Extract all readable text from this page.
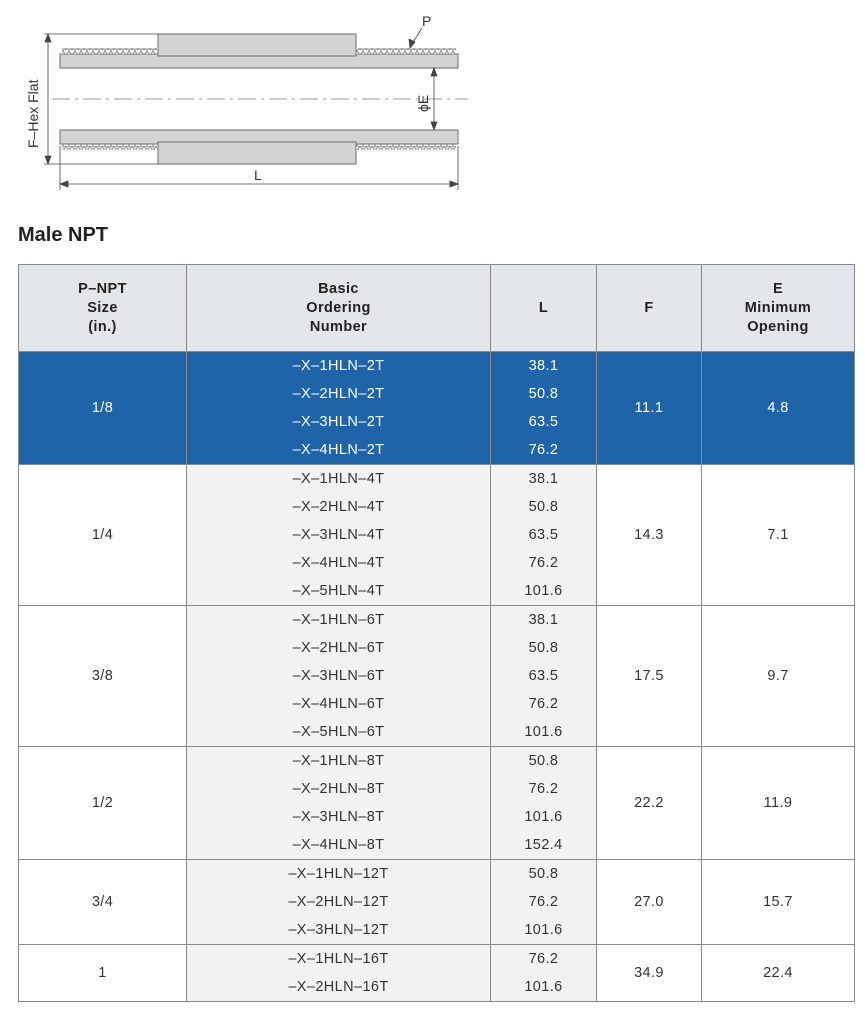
F–Hex Flat	ϕE
P
L
Male NPT
P–NPT
Size
(in.)	Basic
Ordering
Number	L	F	E
Minimum
Opening

1/8	–X–1HLN–2T	38.1	11.1	4.8
	–X–2HLN–2T	50.8		
	–X–3HLN–2T	63.5		
	–X–4HLN–2T	76.2		
1/4	–X–1HLN–4T	38.1	14.3	7.1
	–X–2HLN–4T	50.8		
	–X–3HLN–4T	63.5		
	–X–4HLN–4T	76.2		
	–X–5HLN–4T	101.6		
3/8	–X–1HLN–6T	38.1	17.5	9.7
	–X–2HLN–6T	50.8		
	–X–3HLN–6T	63.5		
	–X–4HLN–6T	76.2		
	–X–5HLN–6T	101.6		
1/2	–X–1HLN–8T	50.8	22.2	11.9
	–X–2HLN–8T	76.2		
	–X–3HLN–8T	101.6		
	–X–4HLN–8T	152.4		
3/4	–X–1HLN–12T	50.8	27.0	15.7
	–X–2HLN–12T	76.2		
	–X–3HLN–12T	101.6		
1	–X–1HLN–16T	76.2	34.9	22.4
	–X–2HLN–16T	101.6		
